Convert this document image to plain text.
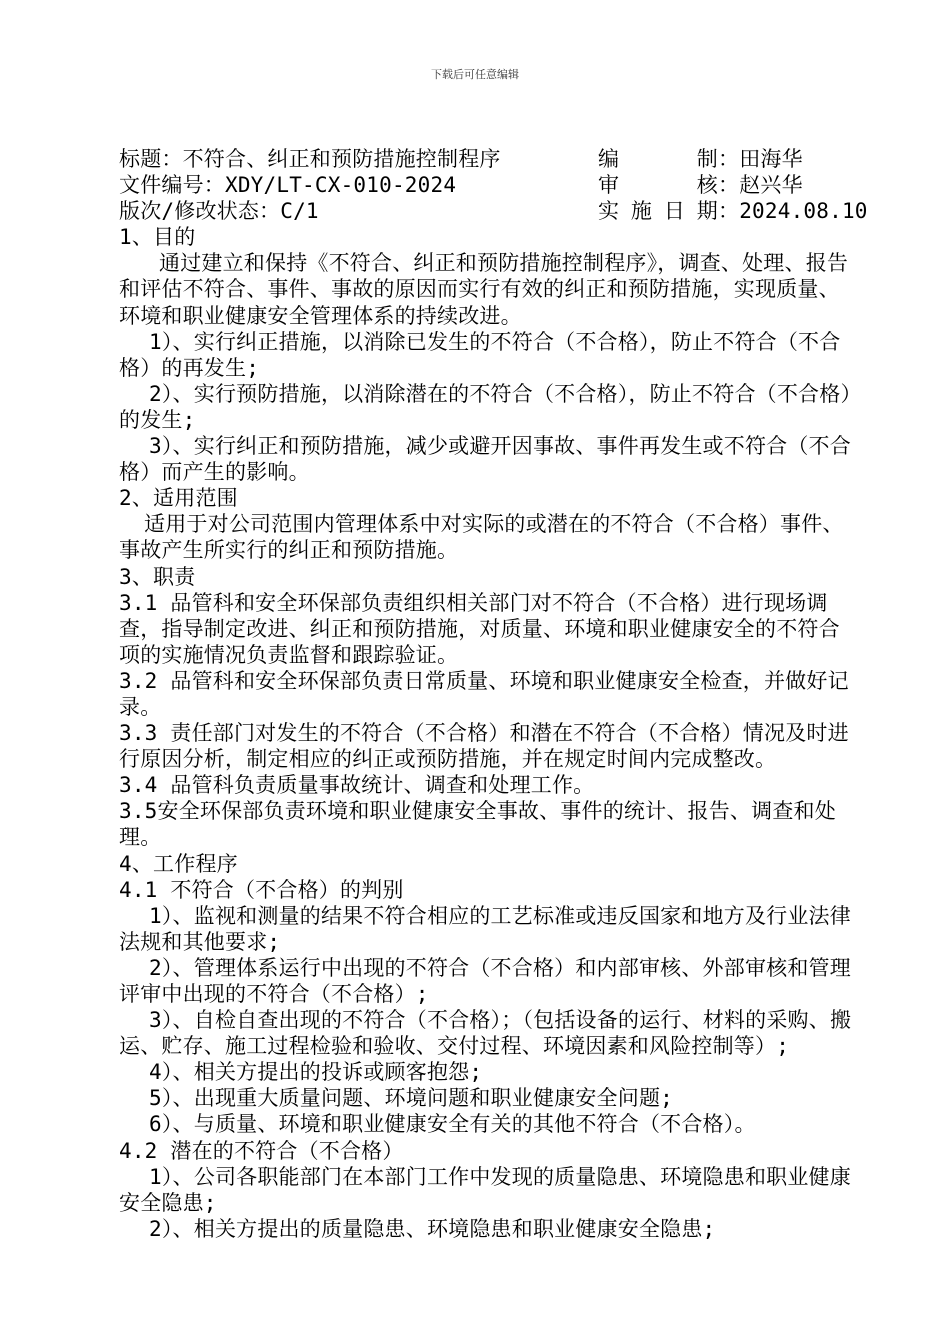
下载后可任意编辑
标题：不符合、纠正和预防措施控制程序	编 制：田海华
文件编号：XDY/LT-CX-010-2024	审 核：赵兴华
版次/修改状态：C/1	实施日期：2024.08.10

1、目的

通过建立和保持《不符合、纠正和预防措施控制程序》，调查、处理、报告和评估不符合、事件、事故的原因而实行有效的纠正和预防措施，实现质量、环境和职业健康安全管理体系的持续改进。

1）、实行纠正措施，以消除已发生的不符合（不合格），防止不符合（不合格）的再发生;

2）、实行预防措施，以消除潜在的不符合（不合格），防止不符合（不合格）的发生;

3）、实行纠正和预防措施，减少或避开因事故、事件再发生或不符合（不合格）而产生的影响。

2、适用范围

适用于对公司范围内管理体系中对实际的或潜在的不符合（不合格）事件、事故产生所实行的纠正和预防措施。

3、职责

3.1 品管科和安全环保部负责组织相关部门对不符合（不合格）进行现场调查，指导制定改进、纠正和预防措施，对质量、环境和职业健康安全的不符合项的实施情况负责监督和跟踪验证。

3.2 品管科和安全环保部负责日常质量、环境和职业健康安全检查，并做好记录。

3.3 责任部门对发生的不符合（不合格）和潜在不符合（不合格）情况及时进行原因分析，制定相应的纠正或预防措施，并在规定时间内完成整改。

3.4 品管科负责质量事故统计、调查和处理工作。

3.5安全环保部负责环境和职业健康安全事故、事件的统计、报告、调查和处理。

4、工作程序

4.1 不符合（不合格）的判别

1）、监视和测量的结果不符合相应的工艺标准或违反国家和地方及行业法律法规和其他要求;

2）、管理体系运行中出现的不符合（不合格）和内部审核、外部审核和管理评审中出现的不符合（不合格）;

3）、自检自查出现的不符合（不合格）；（包括设备的运行、材料的采购、搬运、贮存、施工过程检验和验收、交付过程、环境因素和风险控制等）;

4）、相关方提出的投诉或顾客抱怨;

5）、出现重大质量问题、环境问题和职业健康安全问题;

6）、与质量、环境和职业健康安全有关的其他不符合（不合格）。

4.2 潜在的不符合（不合格）

1）、公司各职能部门在本部门工作中发现的质量隐患、环境隐患和职业健康安全隐患;

2）、相关方提出的质量隐患、环境隐患和职业健康安全隐患;
